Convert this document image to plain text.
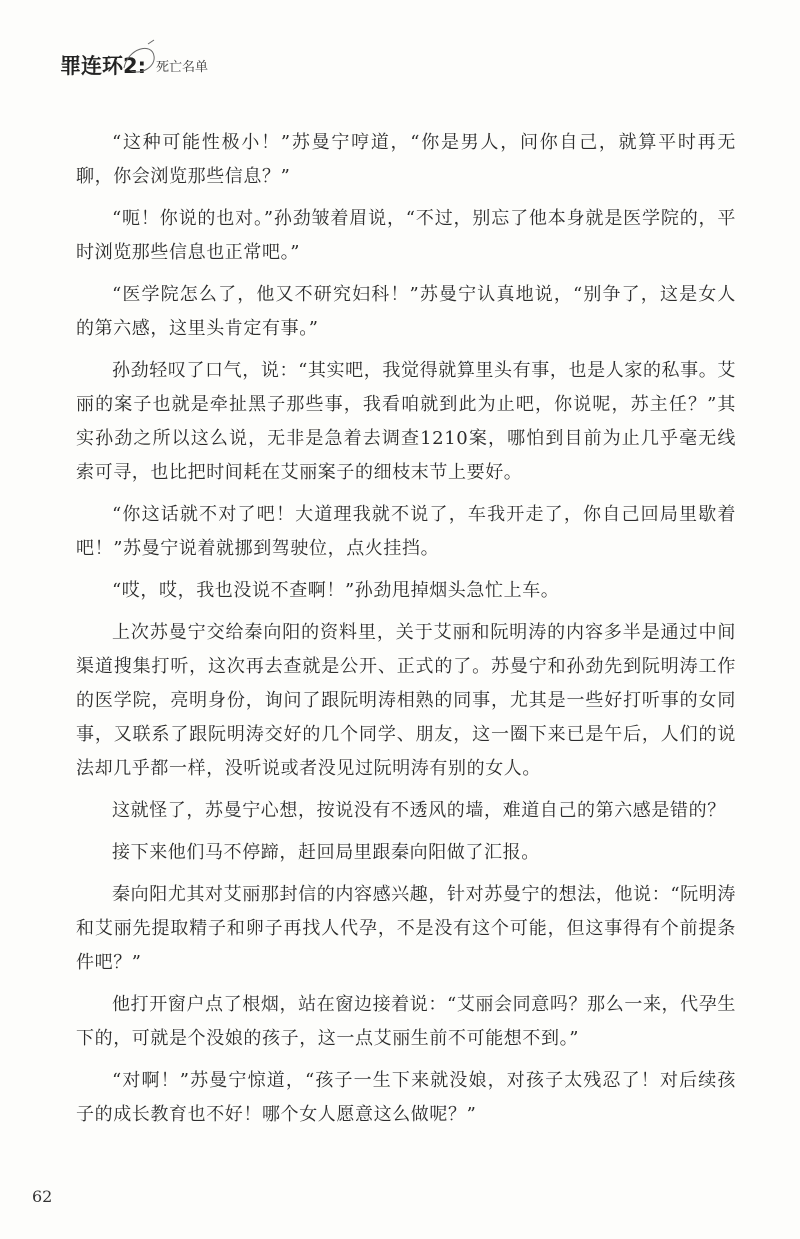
罪连环2: 死亡名单

“这种可能性极小！”苏曼宁哼道，“你是男人，问你自己，就算平时再无聊，你会浏览那些信息？”

“呃！你说的也对。”孙劲皱着眉说，“不过，别忘了他本身就是医学院的，平时浏览那些信息也正常吧。”

“医学院怎么了，他又不研究妇科！”苏曼宁认真地说，“别争了，这是女人的第六感，这里头肯定有事。”

孙劲轻叹了口气，说：“其实吧，我觉得就算里头有事，也是人家的私事。艾丽的案子也就是牵扯黑子那些事，我看咱就到此为止吧，你说呢，苏主任？”其实孙劲之所以这么说，无非是急着去调查1210案，哪怕到目前为止几乎毫无线索可寻，也比把时间耗在艾丽案子的细枝末节上要好。

“你这话就不对了吧！大道理我就不说了，车我开走了，你自己回局里歇着吧！”苏曼宁说着就挪到驾驶位，点火挂挡。

“哎，哎，我也没说不查啊！”孙劲甩掉烟头急忙上车。

上次苏曼宁交给秦向阳的资料里，关于艾丽和阮明涛的内容多半是通过中间渠道搜集打听，这次再去查就是公开、正式的了。苏曼宁和孙劲先到阮明涛工作的医学院，亮明身份，询问了跟阮明涛相熟的同事，尤其是一些好打听事的女同事，又联系了跟阮明涛交好的几个同学、朋友，这一圈下来已是午后，人们的说法却几乎都一样，没听说或者没见过阮明涛有别的女人。

这就怪了，苏曼宁心想，按说没有不透风的墙，难道自己的第六感是错的？

接下来他们马不停蹄，赶回局里跟秦向阳做了汇报。

秦向阳尤其对艾丽那封信的内容感兴趣，针对苏曼宁的想法，他说：“阮明涛和艾丽先提取精子和卵子再找人代孕，不是没有这个可能，但这事得有个前提条件吧？”

他打开窗户点了根烟，站在窗边接着说：“艾丽会同意吗？那么一来，代孕生下的，可就是个没娘的孩子，这一点艾丽生前不可能想不到。”

“对啊！”苏曼宁惊道，“孩子一生下来就没娘，对孩子太残忍了！对后续孩子的成长教育也不好！哪个女人愿意这么做呢？”

62
